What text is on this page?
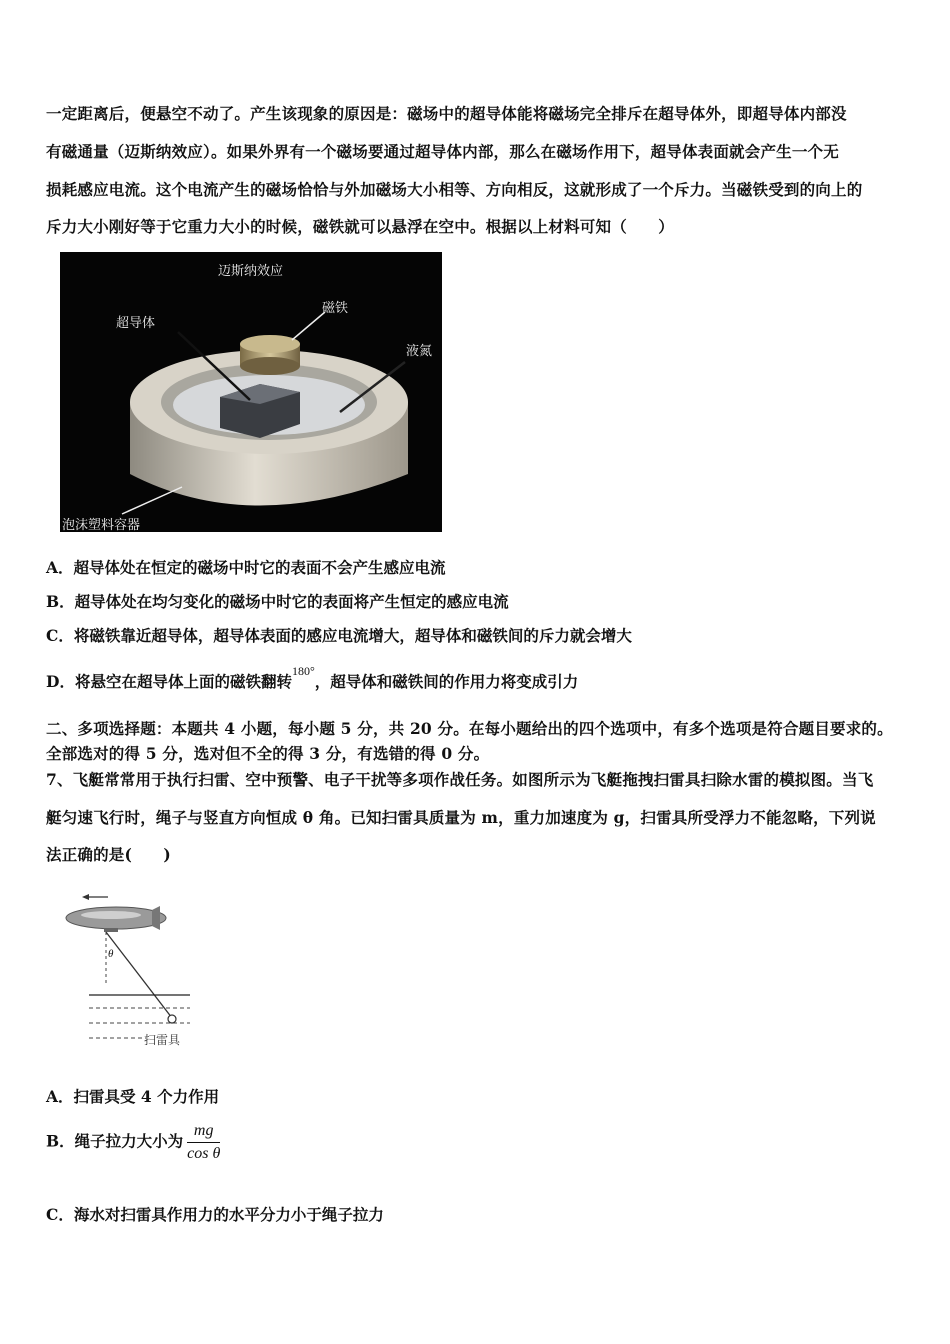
一定距离后，便悬空不动了。产生该现象的原因是：磁场中的超导体能将磁场完全排斥在超导体外，即超导体内部没
有磁通量（迈斯纳效应）。如果外界有一个磁场要通过超导体内部，那么在磁场作用下，超导体表面就会产生一个无
损耗感应电流。这个电流产生的磁场恰恰与外加磁场大小相等、方向相反，这就形成了一个斥力。当磁铁受到的向上的
斥力大小刚好等于它重力大小的时候，磁铁就可以悬浮在空中。根据以上材料可知（　　）
迈斯纳效应
超导体
磁铁
液氮
泡沫塑料容器
A．超导体处在恒定的磁场中时它的表面不会产生感应电流
B．超导体处在均匀变化的磁场中时它的表面将产生恒定的感应电流
C．将磁铁靠近超导体，超导体表面的感应电流增大，超导体和磁铁间的斥力就会增大
D．将悬空在超导体上面的磁铁翻转$^{180^\circ}$，超导体和磁铁间的作用力将变成引力
二、多项选择题：本题共 4 小题，每小题 5 分，共 20 分。在每小题给出的四个选项中，有多个选项是符合题目要求的。
全部选对的得 5 分，选对但不全的得 3 分，有选错的得 0 分。
7、飞艇常常用于执行扫雷、空中预警、电子干扰等多项作战任务。如图所示为飞艇拖拽扫雷具扫除水雷的模拟图。当飞
艇匀速飞行时，绳子与竖直方向恒成 θ 角。已知扫雷具质量为 m，重力加速度为 g，扫雷具所受浮力不能忽略，下列说
法正确的是(　　)
θ
扫雷具
A．扫雷具受 4 个力作用
B．绳子拉力大小为 $\frac{mg}{\text{cos θ}}$
C．海水对扫雷具作用力的水平分力小于绳子拉力
